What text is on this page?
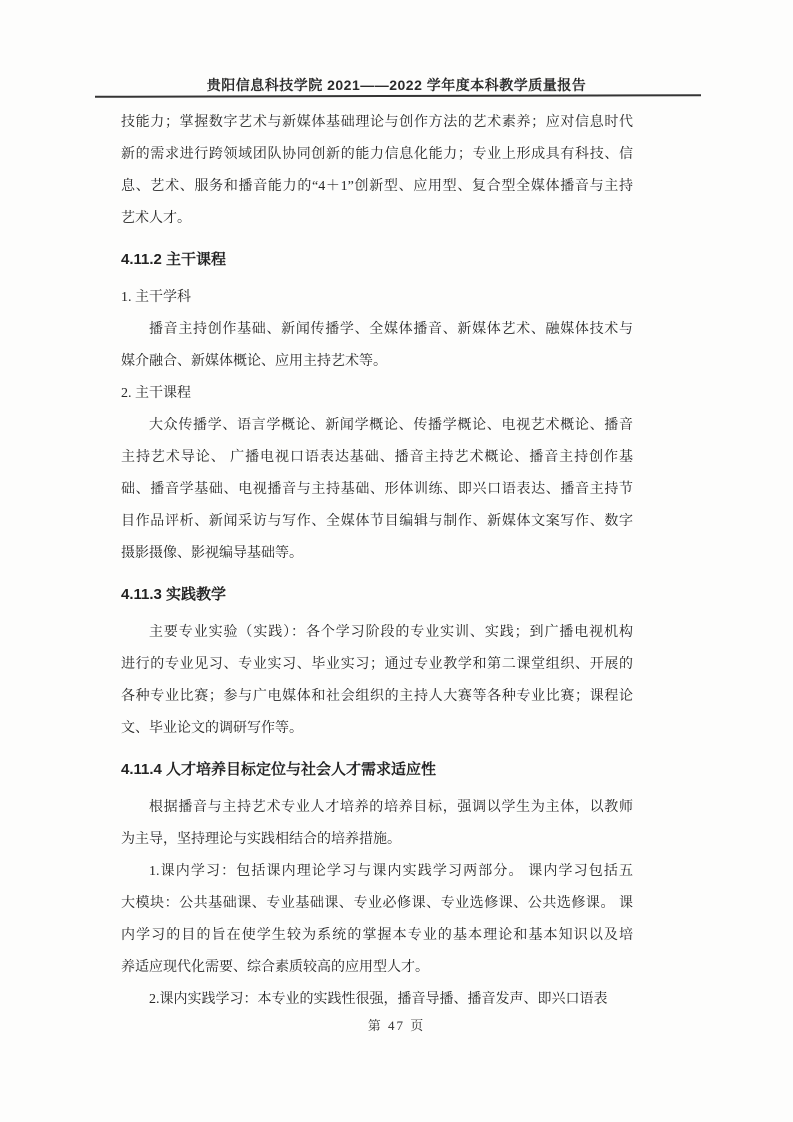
贵阳信息科技学院 2021——2022 学年度本科教学质量报告
技能力；掌握数字艺术与新媒体基础理论与创作方法的艺术素养；应对信息时代
新的需求进行跨领域团队协同创新的能力信息化能力；专业上形成具有科技、信
息、艺术、服务和播音能力的“4＋1”创新型、应用型、复合型全媒体播音与主持
艺术人才。
4.11.2 主干课程
1. 主干学科
播音主持创作基础、新闻传播学、全媒体播音、新媒体艺术、融媒体技术与
媒介融合、新媒体概论、应用主持艺术等。
2. 主干课程
大众传播学、语言学概论、新闻学概论、传播学概论、电视艺术概论、播音
主持艺术导论、 广播电视口语表达基础、播音主持艺术概论、播音主持创作基
础、播音学基础、电视播音与主持基础、形体训练、即兴口语表达、播音主持节
目作品评析、新闻采访与写作、全媒体节目编辑与制作、新媒体文案写作、数字
摄影摄像、影视编导基础等。
4.11.3 实践教学
主要专业实验（实践）：各个学习阶段的专业实训、实践；到广播电视机构
进行的专业见习、专业实习、毕业实习；通过专业教学和第二课堂组织、开展的
各种专业比赛；参与广电媒体和社会组织的主持人大赛等各种专业比赛；课程论
文、毕业论文的调研写作等。
4.11.4 人才培养目标定位与社会人才需求适应性
根据播音与主持艺术专业人才培养的培养目标，强调以学生为主体，以教师
为主导，坚持理论与实践相结合的培养措施。
1.课内学习：包括课内理论学习与课内实践学习两部分。 课内学习包括五
大模块：公共基础课、专业基础课、专业必修课、专业选修课、公共选修课。 课
内学习的目的旨在使学生较为系统的掌握本专业的基本理论和基本知识以及培
养适应现代化需要、综合素质较高的应用型人才。
2.课内实践学习：本专业的实践性很强，播音导播、播音发声、即兴口语表
第 47 页
